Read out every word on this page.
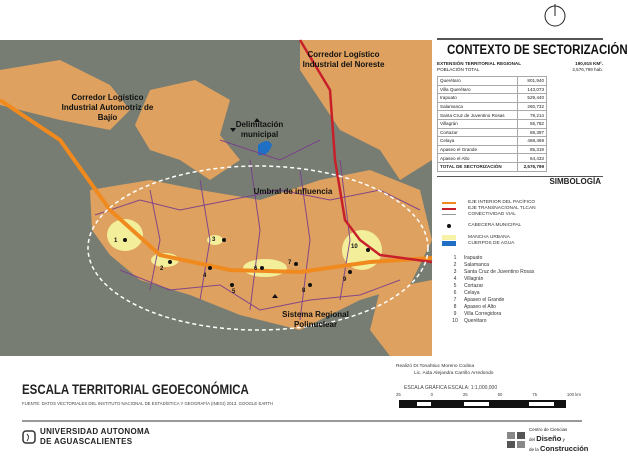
Corredor Logístico Industrial del Noreste
Corredor Logístico Industrial Automotriz de Bajío
Delimitación municipal
Umbral de influencia
Sistema Regional Polinuclear
1
2
3
4
5
6
7
8
9
10
CONTEXTO DE SECTORIZACIÓN
EXTENSIÓN TERRITORIAL REGIONAL	190,915 KM².
POBLACIÓN TOTAL	2,576,799 hab.
Querétaro	801,940
Villa Querétaro	143,073
Irapuato	529,440
Salamanca	260,732
Santa Cruz de Juventino Rosas	79,214
Villagrán	55,782
Cortazar	88,397
Celaya	468,469
Apaseo el Grande	85,319
Apaseo el Alto	64,433
TOTAL DE SECTORIZACIÓN	2,576,799
SIMBOLOGÍA
EJE INTERIOR DEL PACÍFICO
EJE TRANSNACIONAL TLCAN
CONECTIVIDAD VIAL
CABECERA MUNICIPAL
MANCHA URBANA
CUERPOS DE AGUA
1 Irapuato
2 Salamanca
3 Santa Cruz de Juventino Rosas
4 Villagrán
5 Cortazar
6 Celaya
7 Apaseo el Grande
8 Apaseo el Alto
9 Villa Corregidora
10 Querétaro
Realizó Dr.Tonahtiuc Moreno Codina
Lic. Aida Alejandra Carrillo Arredondo
ESCALA GRÁFICA ESCALA: 1:1,000,000
25	0	25	50	75	100 km
ESCALA TERRITORIAL GEOECONÓMICA
FUENTE: DATOS VECTORIALES DEL INSTITUTO NACIONAL DE ESTADÍSTICA Y GEOGRAFÍA (INEGI) 2013. GOOGLE EARTH
UNIVERSIDAD AUTONOMA
DE AGUASCALIENTES
Centro de Ciencias
del Diseño y
de la Construcción
